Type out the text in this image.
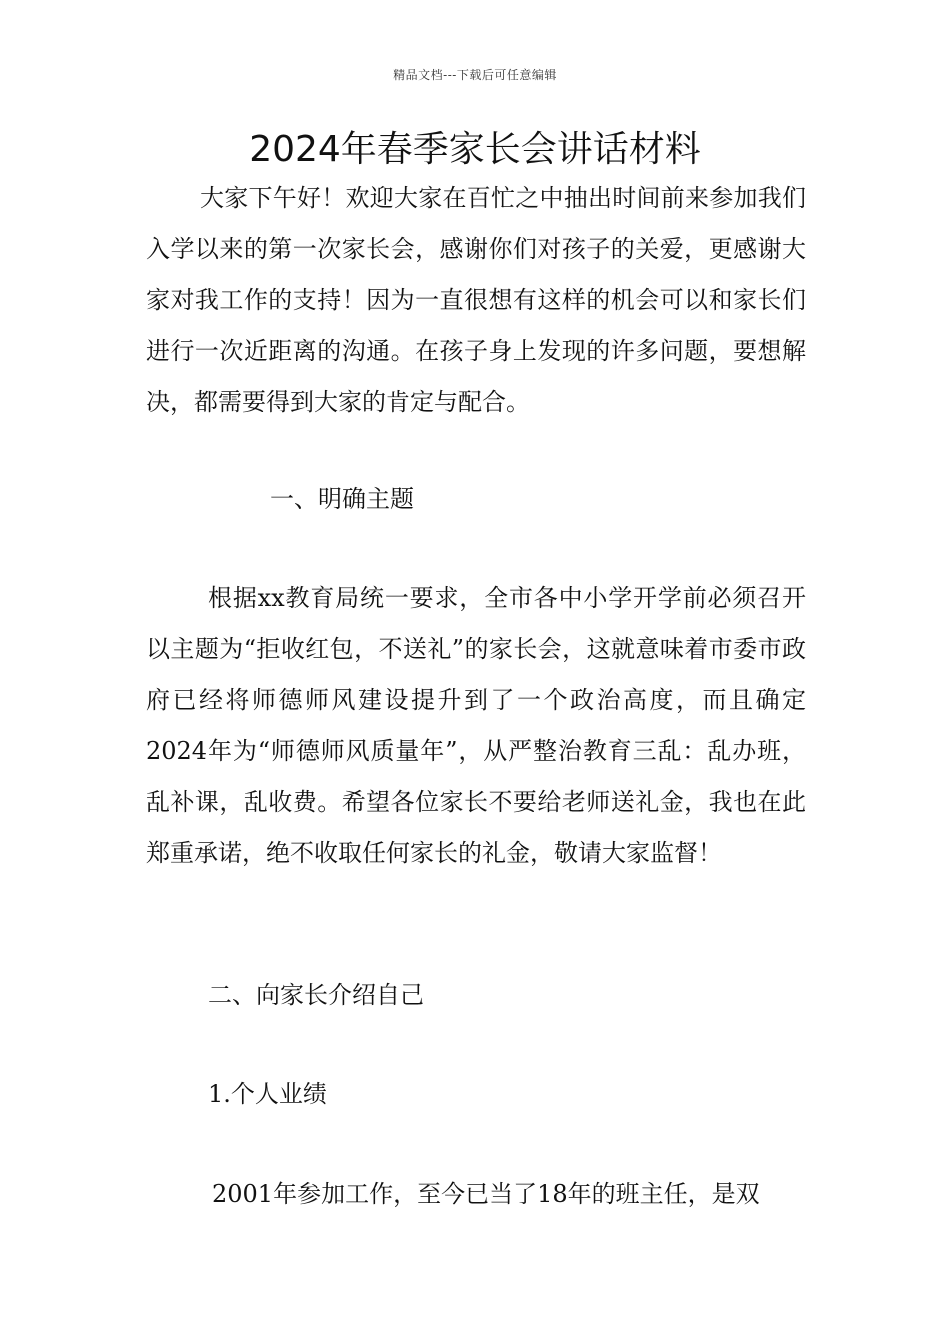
精品文档---下载后可任意编辑
2024年春季家长会讲话材料
大家下午好！欢迎大家在百忙之中抽出时间前来参加我们入学以来的第一次家长会，感谢你们对孩子的关爱，更感谢大家对我工作的支持！因为一直很想有这样的机会可以和家长们进行一次近距离的沟通。在孩子身上发现的许多问题，要想解决，都需要得到大家的肯定与配合。
一、明确主题
根据xx教育局统一要求，全市各中小学开学前必须召开以主题为“拒收红包，不送礼”的家长会，这就意味着市委市政府已经将师德师风建设提升到了一个政治高度，而且确定2024年为“师德师风质量年”，从严整治教育三乱：乱办班，乱补课，乱收费。希望各位家长不要给老师送礼金，我也在此郑重承诺，绝不收取任何家长的礼金，敬请大家监督！
二、向家长介绍自己
1.个人业绩
2001年参加工作，至今已当了18年的班主任，是双
